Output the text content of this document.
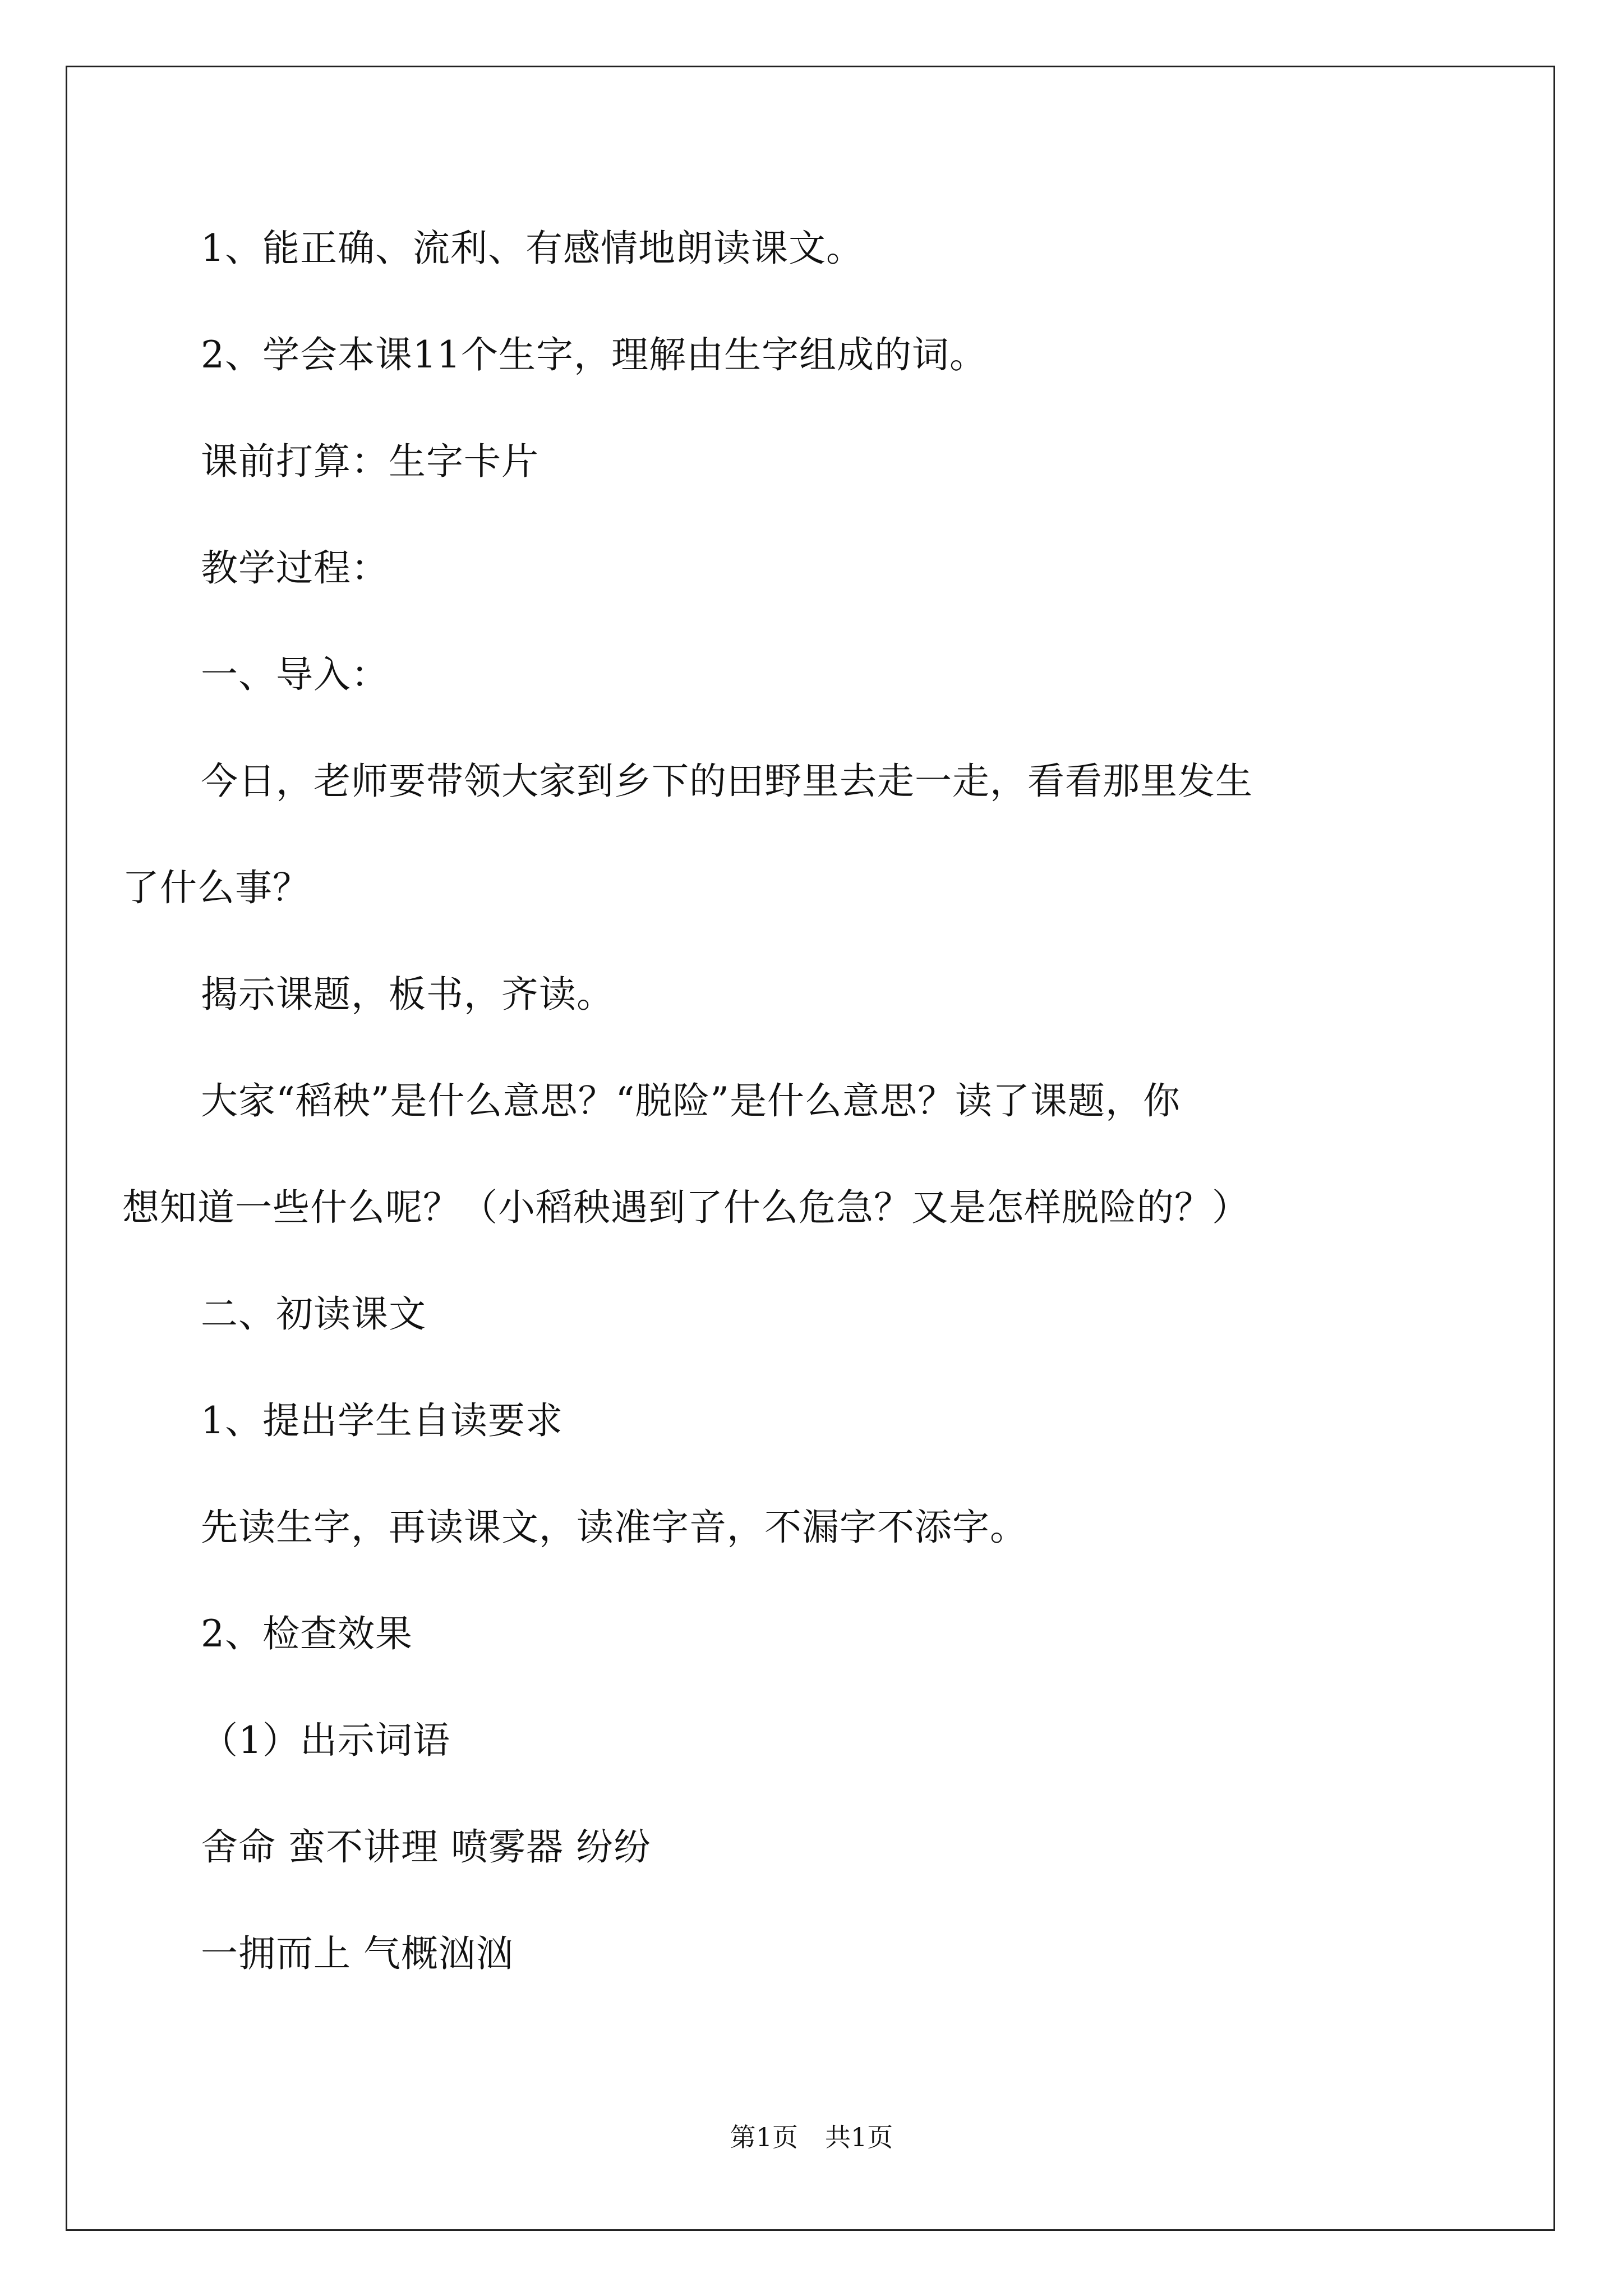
1、能正确、流利、有感情地朗读课文。
2、学会本课11个生字，理解由生字组成的词。
课前打算：生字卡片
教学过程：
一、导入：
今日，老师要带领大家到乡下的田野里去走一走，看看那里发生
了什么事？
揭示课题，板书，齐读。
大家“稻秧”是什么意思？“脱险”是什么意思？读了课题，你
想知道一些什么呢？（小稻秧遇到了什么危急？又是怎样脱险的？）
二、初读课文
1、提出学生自读要求
先读生字，再读课文，读准字音，不漏字不添字。
2、检查效果
（1）出示词语
舍命 蛮不讲理 喷雾器 纷纷
一拥而上 气概汹汹
第1页 共1页
